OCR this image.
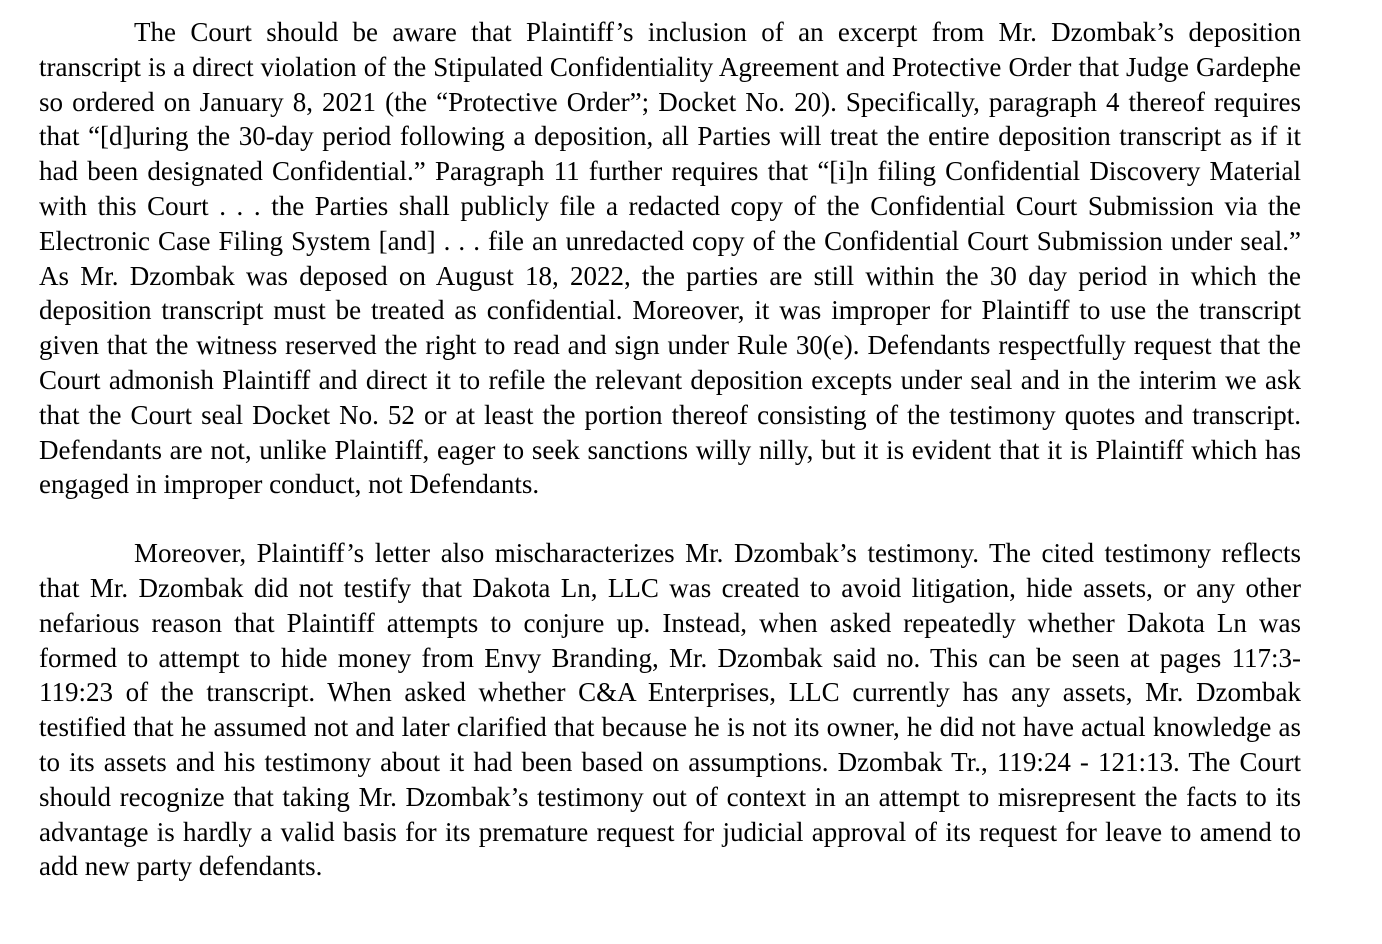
The Court should be aware that Plaintiff’s inclusion of an excerpt from Mr. Dzombak’s deposition transcript is a direct violation of the Stipulated Confidentiality Agreement and Protective Order that Judge Gardephe so ordered on January 8, 2021 (the “Protective Order”; Docket No. 20). Specifically, paragraph 4 thereof requires that “[d]uring the 30-day period following a deposition, all Parties will treat the entire deposition transcript as if it had been designated Confidential.” Paragraph 11 further requires that “[i]n filing Confidential Discovery Material with this Court . . . the Parties shall publicly file a redacted copy of the Confidential Court Submission via the Electronic Case Filing System [and] . . . file an unredacted copy of the Confidential Court Submission under seal.” As Mr. Dzombak was deposed on August 18, 2022, the parties are still within the 30 day period in which the deposition transcript must be treated as confidential. Moreover, it was improper for Plaintiff to use the transcript given that the witness reserved the right to read and sign under Rule 30(e). Defendants respectfully request that the Court admonish Plaintiff and direct it to refile the relevant deposition excepts under seal and in the interim we ask that the Court seal Docket No. 52 or at least the portion thereof consisting of the testimony quotes and transcript. Defendants are not, unlike Plaintiff, eager to seek sanctions willy nilly, but it is evident that it is Plaintiff which has engaged in improper conduct, not Defendants.

Moreover, Plaintiff’s letter also mischaracterizes Mr. Dzombak’s testimony. The cited testimony reflects that Mr. Dzombak did not testify that Dakota Ln, LLC was created to avoid litigation, hide assets, or any other nefarious reason that Plaintiff attempts to conjure up. Instead, when asked repeatedly whether Dakota Ln was formed to attempt to hide money from Envy Branding, Mr. Dzombak said no. This can be seen at pages 117:3-119:23 of the transcript. When asked whether C&A Enterprises, LLC currently has any assets, Mr. Dzombak testified that he assumed not and later clarified that because he is not its owner, he did not have actual knowledge as to its assets and his testimony about it had been based on assumptions. Dzombak Tr., 119:24 - 121:13. The Court should recognize that taking Mr. Dzombak’s testimony out of context in an attempt to misrepresent the facts to its advantage is hardly a valid basis for its premature request for judicial approval of its request for leave to amend to add new party defendants.
